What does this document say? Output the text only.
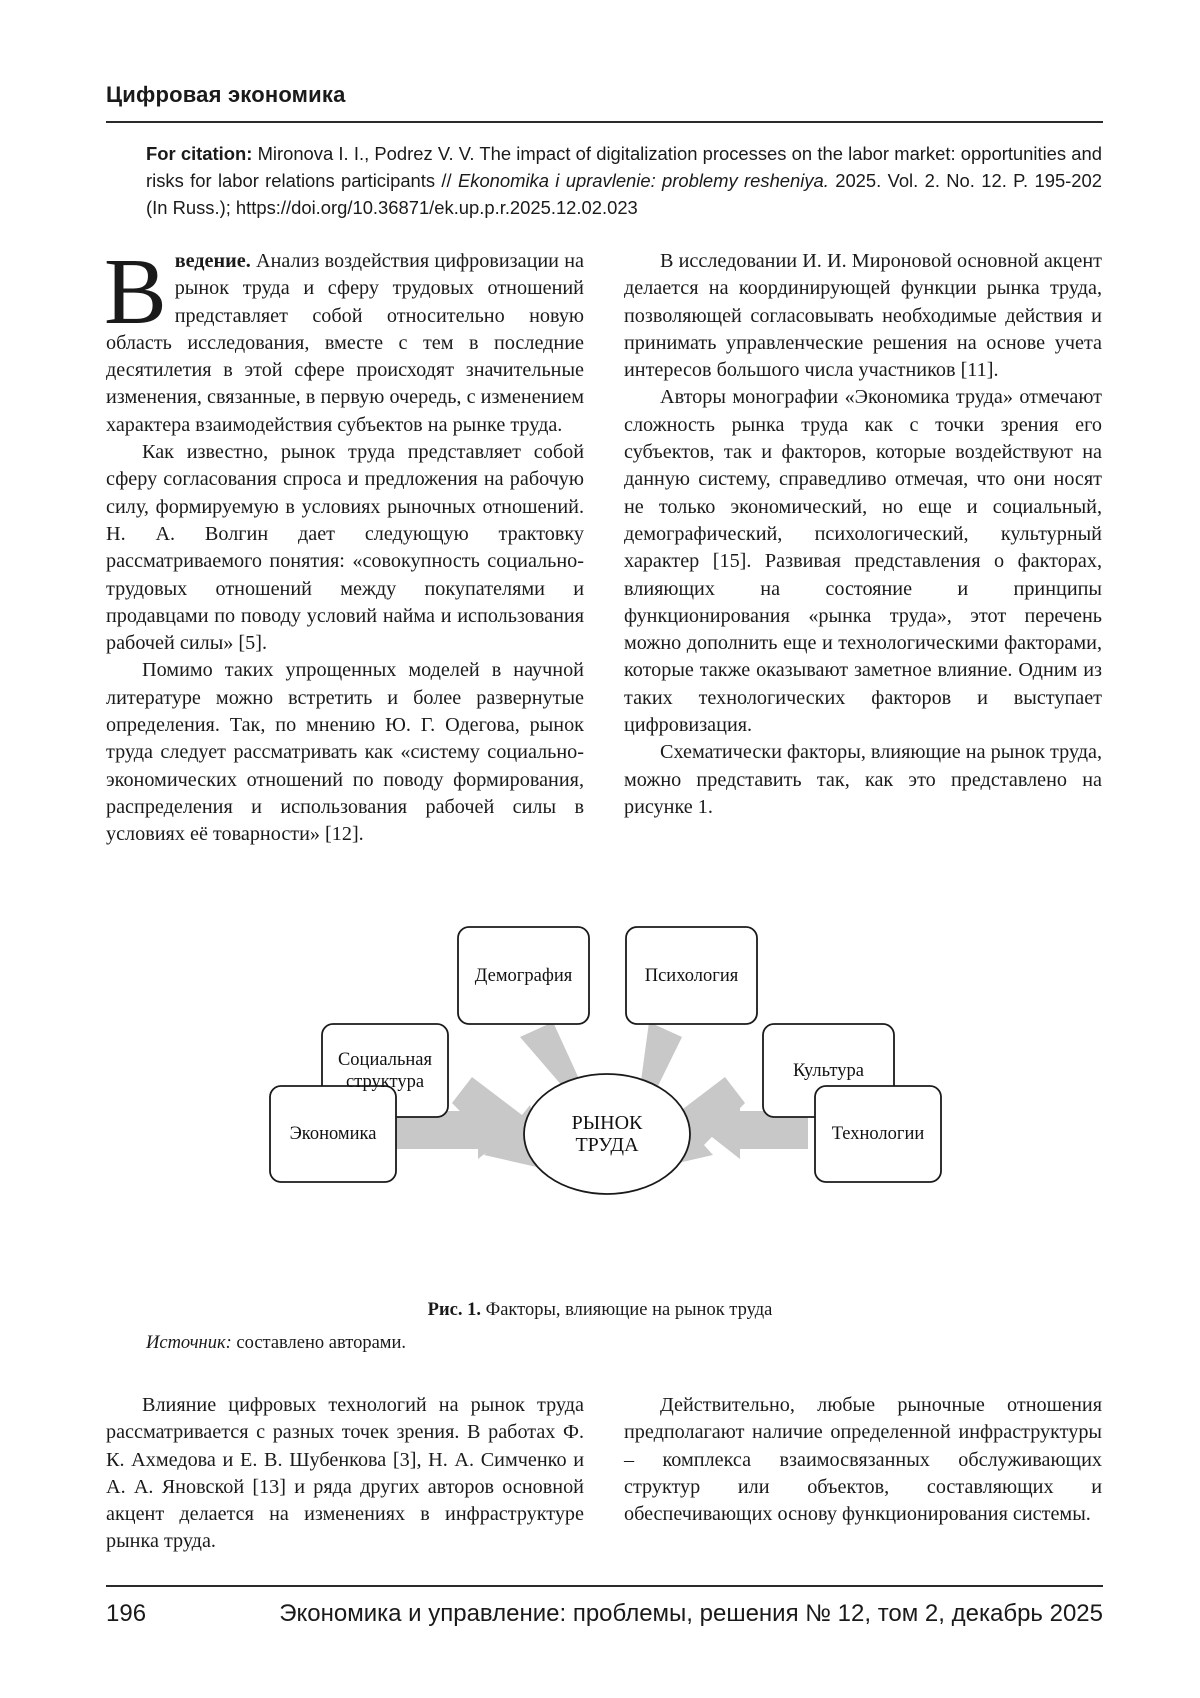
Цифровая экономика
For citation: Mironova I. I., Podrez V. V. The impact of digitalization processes on the labor market: opportunities and risks for labor relations participants // Ekonomika i upravlenie: problemy resheniya. 2025. Vol. 2. No. 12. P. 195-202 (In Russ.); https://doi.org/10.36871/ek.up.p.r.2025.12.02.023

Введение. Анализ воздействия цифровизации на рынок труда и сферу трудовых отношений представляет собой относительно новую область исследования, вместе с тем в последние десятилетия в этой сфере происходят значительные изменения, связанные, в первую очередь, с изменением характера взаимодействия субъектов на рынке труда.

Как известно, рынок труда представляет собой сферу согласования спроса и предложения на рабочую силу, формируемую в условиях рыночных отношений. Н. А. Волгин дает следующую трактовку рассматриваемого понятия: «совокупность социально-трудовых отношений между покупателями и продавцами по поводу условий найма и использования рабочей силы» [5].

Помимо таких упрощенных моделей в научной литературе можно встретить и более развернутые определения. Так, по мнению Ю. Г. Одегова, рынок труда следует рассматривать как «систему социально-экономических отношений по поводу формирования, распределения и использования рабочей силы в условиях её товарности» [12].

В исследовании И. И. Мироновой основной акцент делается на координирующей функции рынка труда, позволяющей согласовывать необходимые действия и принимать управленческие решения на основе учета интересов большого числа участников [11].

Авторы монографии «Экономика труда» отмечают сложность рынка труда как с точки зрения его субъектов, так и факторов, которые воздействуют на данную систему, справедливо отмечая, что они носят не только экономический, но еще и социальный, демографический, психологический, культурный характер [15]. Развивая представления о факторах, влияющих на состояние и принципы функционирования «рынка труда», этот перечень можно дополнить еще и технологическими факторами, которые также оказывают заметное влияние. Одним из таких технологических факторов и выступает цифровизация.

Схематически факторы, влияющие на рынок труда, можно представить так, как это представлено на рисунке 1.

Демография	Психология
Социальная структура
Культура
Экономика	Технологии
РЫНОК ТРУДА
Рис. 1. Факторы, влияющие на рынок труда
Источник: составлено авторами.

Влияние цифровых технологий на рынок труда рассматривается с разных точек зрения. В работах Ф. К. Ахмедова и Е. В. Шубенкова [3], Н. А. Симченко и А. А. Яновской [13] и ряда других авторов основной акцент делается на изменениях в инфраструктуре рынка труда.

Действительно, любые рыночные отношения предполагают наличие определенной инфраструктуры – комплекса взаимосвязанных обслуживающих структур или объектов, составляющих и обеспечивающих основу функционирования системы.

196	Экономика и управление: проблемы, решения № 12, том 2, декабрь 2025
